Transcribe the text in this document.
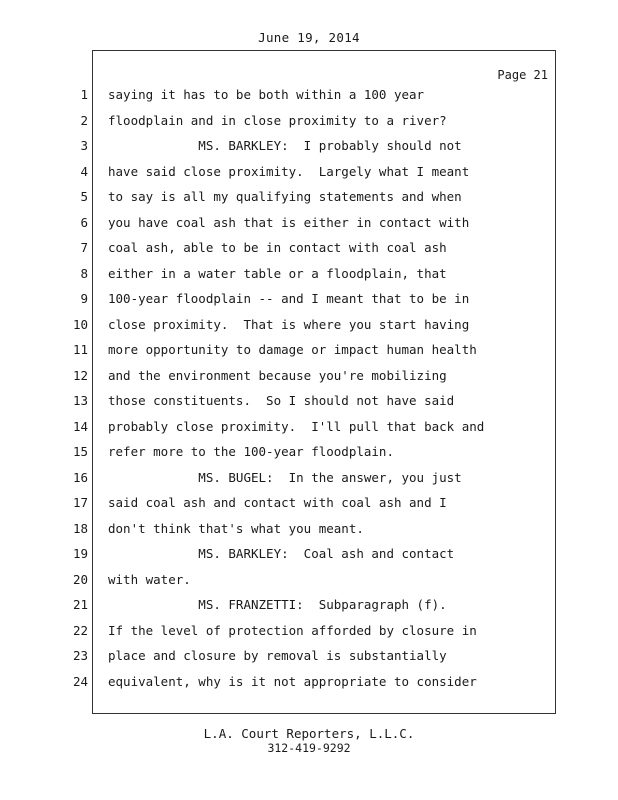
June 19, 2014
Page 21
1
2
3
4
5
6
7
8
9
10
11
12
13
14
15
16
17
18
19
20
21
22
23
24
saying it has to be both within a 100 year
floodplain and in close proximity to a river?
MS. BARKLEY:  I probably should not
have said close proximity.  Largely what I meant
to say is all my qualifying statements and when
you have coal ash that is either in contact with
coal ash, able to be in contact with coal ash
either in a water table or a floodplain, that
100-year floodplain -- and I meant that to be in
close proximity.  That is where you start having
more opportunity to damage or impact human health
and the environment because you're mobilizing
those constituents.  So I should not have said
probably close proximity.  I'll pull that back and
refer more to the 100-year floodplain.
MS. BUGEL:  In the answer, you just
said coal ash and contact with coal ash and I
don't think that's what you meant.
MS. BARKLEY:  Coal ash and contact
with water.
MS. FRANZETTI:  Subparagraph (f).
If the level of protection afforded by closure in
place and closure by removal is substantially
equivalent, why is it not appropriate to consider
L.A. Court Reporters, L.L.C.
312-419-9292
